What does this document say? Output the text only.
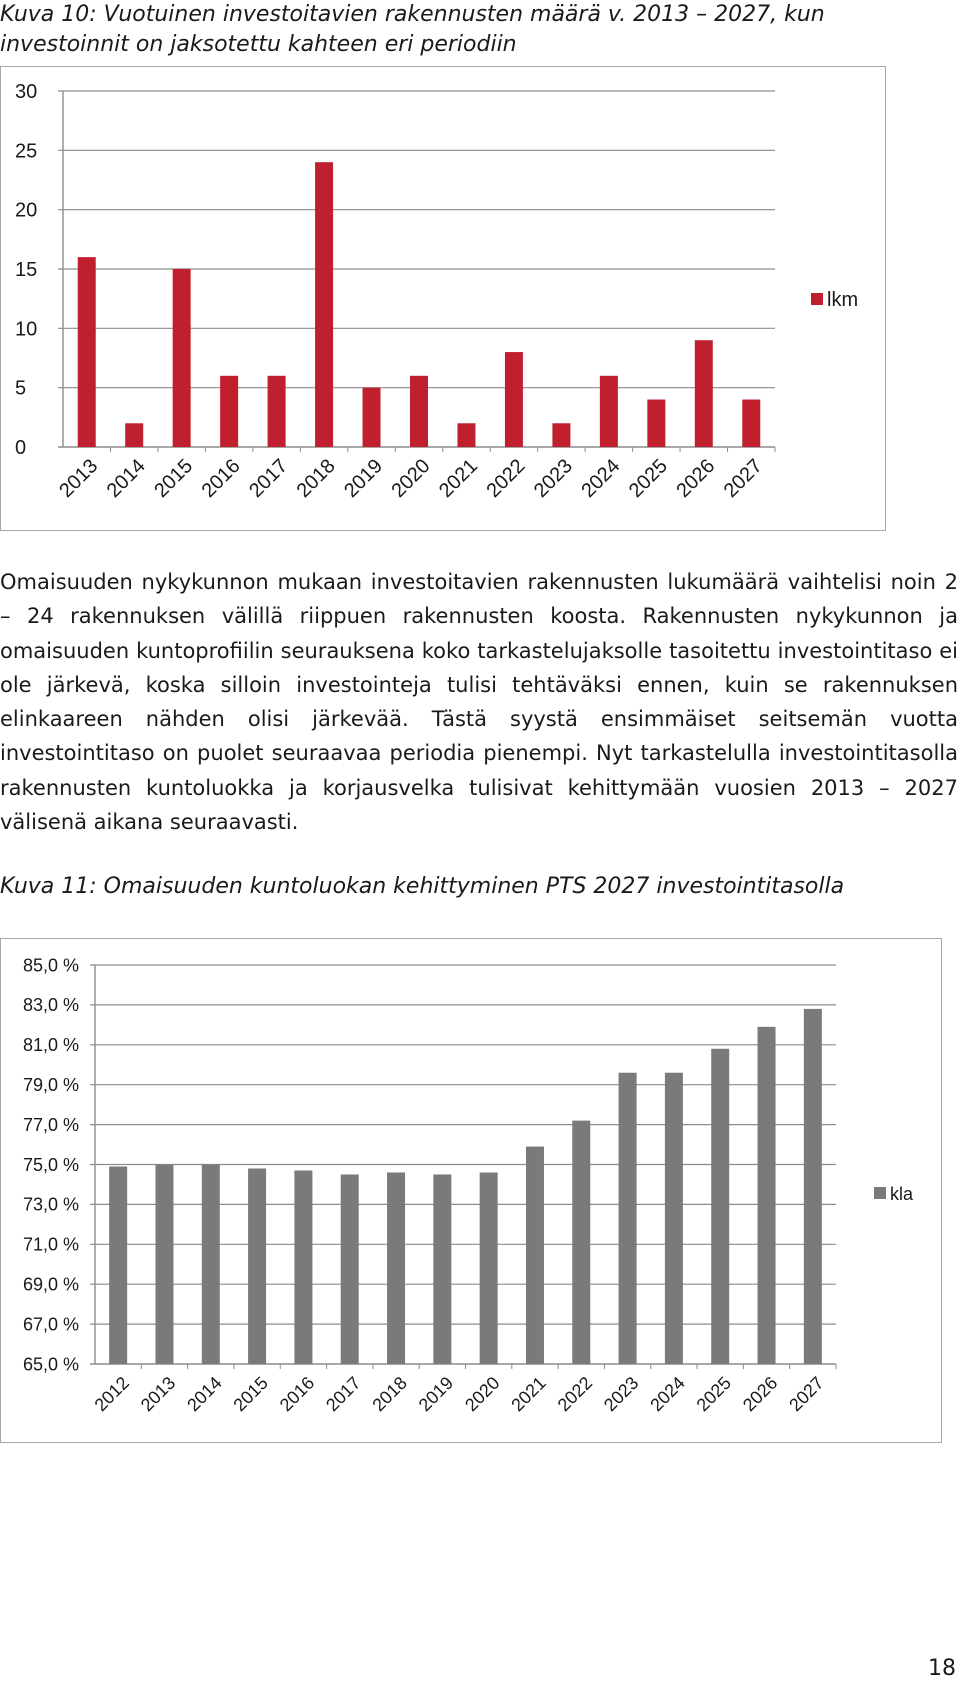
Kuva 10: Vuotuinen investoitavien rakennusten määrä v. 2013 – 2027, kun investoinnit on jaksotettu kahteen eri periodiin

0
5
10
15
20
25
30
2013 2014 2015 2016 2017 2018 2019 2020 2021 2022 2023 2024 2025 2026 2027
lkm

Omaisuuden nykykunnon mukaan investoitavien rakennusten lukumäärä vaihtelisi noin 2 – 24 rakennuksen välillä riippuen rakennusten koosta. Rakennusten nykykunnon ja omaisuuden kuntoprofiilin seurauksena koko tarkastelujaksolle tasoitettu investointitaso ei ole järkevä, koska silloin investointeja tulisi tehtäväksi ennen, kuin se rakennuksen elinkaareen nähden olisi järkevää. Tästä syystä ensimmäiset seitsemän vuotta investointitaso on puolet seuraavaa periodia pienempi. Nyt tarkastelulla investointitasolla rakennusten kuntoluokka ja korjausvelka tulisivat kehittymään vuosien 2013 – 2027 välisenä aikana seuraavasti.

Kuva 11: Omaisuuden kuntoluokan kehittyminen PTS 2027 investointitasolla

65,0 %
67,0 %
69,0 %
71,0 %
73,0 %
75,0 %
77,0 %
79,0 %
81,0 %
83,0 %
85,0 %
2012 2013 2014 2015 2016 2017 2018 2019 2020 2021 2022 2023 2024 2025 2026 2027
kla
18
